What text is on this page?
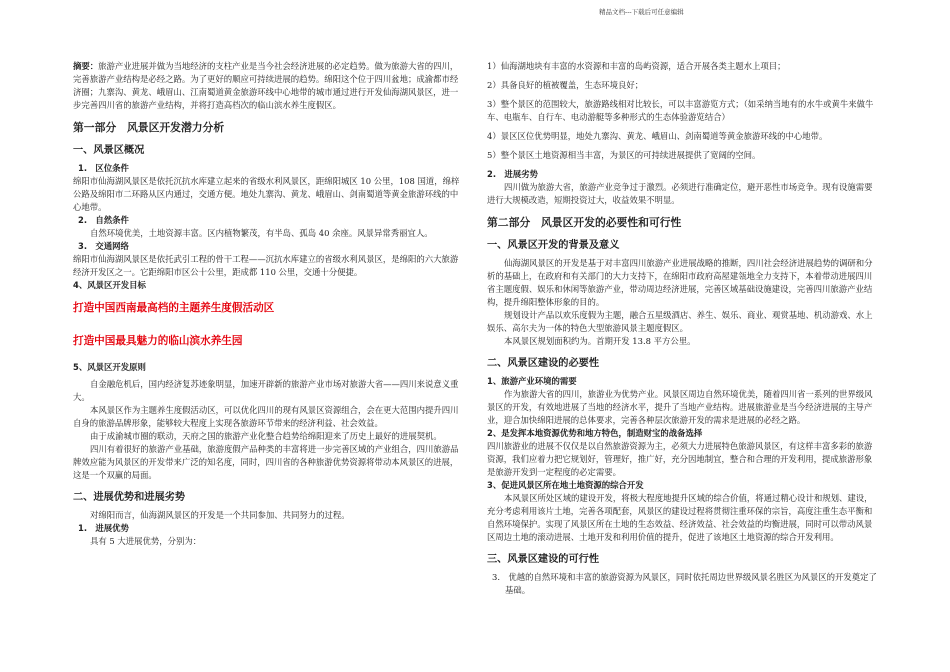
精品文档---下载后可任意编辑

摘要：旅游产业进展并做为当地经济的支柱产业是当今社会经济进展的必定趋势。做为旅游大省的四川，完善旅游产业结构是必经之路。为了更好的顺应可持续进展的趋势。绵阳这个位于四川盆地；成渝都市经济圈；九寨沟、黄龙、峨眉山、江南蜀道黄金旅游环线中心地带的城市通过进行开发仙海湖风景区，进一步完善四川省的旅游产业结构，并将打造高档次的临山滨水养生度假区。

第一部分　风景区开发潜力分析
一、风景区概况

1.　区位条件

绵阳市仙海湖风景区是依托沉抗水库建立起来的省级水利风景区，距绵阳城区 10 公里，108 国道，绵梓公路及绵阳市二环路从区内通过，交通方便。地处九寨沟、黄龙、峨眉山、剑南蜀道等黄金旅游环线的中心地带。

2.　自然条件

自然环境优美，土地资源丰富。区内植物繁茂，有半岛、孤岛 40 余座。风景异常秀丽宜人。

3.　交通网络

绵阳市仙海湖风景区是依托武引工程的骨干工程——沉抗水库建立的省级水利风景区，是绵阳的六大旅游经济开发区之一。它距绵阳市区公十公里，距成都 110 公里，交通十分便捷。

4、风景区开发目标

打造中国西南最高档的主题养生度假活动区

打造中国最具魅力的临山滨水养生园

5、风景区开发原则

自金融危机后，国内经济复苏迹象明显，加速开辟新的旅游产业市场对旅游大省——四川来说意义重大。

本风景区作为主题养生度假活动区，可以优化四川的现有风景区资源组合，会在更大范围内提升四川自身的旅游品牌形象，能够较大程度上实现各旅游环节带来的经济利益、社会效益。

由于成渝城市圈的联动，天府之国的旅游产业化整合趋势给绵阳迎来了历史上最好的进展契机。

四川有着很好的旅游产业基础，旅游度假产品种类的丰富将进一步完善区域的产业组合，四川旅游品牌效应能为风景区的开发带来广泛的知名度，同时，四川省的各种旅游优势资源将带动本风景区的进展，这是一个双赢的局面。

二、进展优势和进展劣势

对绵阳而言，仙海湖风景区的开发是一个共同参加、共同努力的过程。

1.　进展优势

具有 5 大进展优势，分别为：

1）仙海湖地块有丰富的水资源和丰富的岛屿资源，适合开展各类主题水上项目；

2）具备良好的植被覆盖，生态环境良好；

3）整个景区的范围较大，旅游路线相对比较长，可以丰富游览方式；（如采纳当地有的水牛或黄牛来做牛车、电瓶车、自行车、电动游艇等多种形式的生态体验游览结合）

4）景区区位优势明显，地处九寨沟、黄龙、峨眉山、剑南蜀道等黄金旅游环线的中心地带。

5）整个景区土地资源相当丰富，为景区的可持续进展提供了宽阔的空间。

2.　进展劣势

四川做为旅游大省，旅游产业竞争过于激烈。必须进行准确定位，避开恶性市场竞争。现有设施需要进行大规模改造，短期投资过大，收益效果不明显。

第二部分　风景区开发的必要性和可行性
一、风景区开发的背景及意义

仙海湖风景区的开发是基于对丰富四川旅游产业进展战略的推断，四川社会经济进展趋势的调研和分析的基础上，在政府和有关部门的大力支持下，在绵阳市政府高屋建瓴地全力支持下，本着带动进展四川省主题度假、娱乐和休闲等旅游产业，带动周边经济进展，完善区域基础设施建设，完善四川旅游产业结构，提升绵阳整体形象的目的。

规划设计产品以欢乐度假为主题，融合五星级酒店、养生、娱乐、商业、观赏基地、机动游戏、水上娱乐、高尔夫为一体的特色大型旅游风景主题度假区。

本风景区规划面积约为。首期开发 13.8 平方公里。

二、风景区建设的必要性

1、旅游产业环境的需要

作为旅游大省的四川，旅游业为优势产业。风景区周边自然环境优美，随着四川省一系列的世界级风景区的开发，有效地进展了当地的经济水平，提升了当地产业结构。进展旅游业是当今经济进展的主导产业，迎合加快绵阳进展的总体要求，完善各种层次旅游开发的需求是进展的必经之路。

2、是发挥本地资源优势和地方特色，制造财宝的战备选择

四川旅游业的进展不仅仅是以自然旅游资源为主，必须大力进展特色旅游风景区，有这样丰富多彩的旅游资源，我们应着力把它规划好，管理好，推广好，充分因地制宜，整合和合理的开发利用，提成旅游形象是旅游开发到一定程度的必定需要。

3、促进风景区所在地土地资源的综合开发

本风景区所处区域的建设开发，将极大程度地提升区域的综合价值，将通过精心设计和规划、建设，充分考虑利用该片土地，完善各项配套，风景区的建设过程将贯彻注重环保的宗旨，高度注重生态平衡和自然环境保护。实现了风景区所在土地的生态效益、经济效益、社会效益的均衡进展，同时可以带动风景区周边土地的滚动进展、土地开发和利用价值的提升，促进了该地区土地资源的综合开发利用。

三、风景区建设的可行性

3.　优越的自然环境和丰富的旅游资源为风景区，同时依托周边世界级风景名胜区为风景区的开发奠定了基础。
